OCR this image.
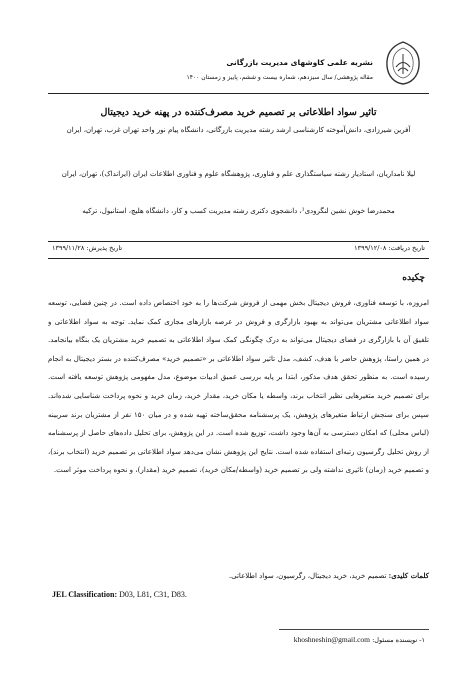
نشریه علمی کاوشهای مدیریت بازرگانی
مقاله پژوهشی/ سال سیزدهم، شماره بیست و ششم، پاییز و زمستان ۱۴۰۰
تاثیر سواد اطلاعاتی بر تصمیم خرید مصرف‌کننده در پهنه خرید دیجیتال
آفرین شیرزادی، دانش‌آموخته کارشناسی ارشد رشته مدیریت بازرگانی، دانشگاه پیام نور واحد تهران غرب، تهران، ایران
لیلا نامداریان، استادیار رشته سیاستگذاری علم و فناوری، پژوهشگاه علوم و فناوری اطلاعات ایران (ایرانداک)، تهران، ایران
محمدرضا خوش نشین لنگرودی¹، دانشجوی دکتری رشته مدیریت کسب و کار، دانشگاه هلیچ، استانبول، ترکیه
تاریخ دریافت: ۱۳۹۹/۱۲/۰۸
تاریخ پذیرش: ۱۳۹۹/۱۱/۲۸
چکیده
امروزه، با توسعه فناوری، فروش دیجیتال بخش مهمی از فروش شرکت‌ها را به خود اختصاص داده است. در چنین فضایی، توسعه سواد اطلاعاتی مشتریان می‌تواند به بهبود بازارگری و فروش در عرصه بازارهای مجازی کمک نماید. توجه به سواد اطلاعاتی و تلفیق آن با بازارگری در فضای دیجیتال می‌تواند به درک چگونگی کمک سواد اطلاعاتی به تصمیم خرید مشتریان یک بنگاه بیانجامد. در همین راستا، پژوهش حاضر با هدف، کشف، مدل تاثیر سواد اطلاعاتی بر «تصمیم خرید» مصرف‌کننده در بستر دیجیتال به انجام رسیده است. به منظور تحقق هدف مذکور، ابتدا بر پایه بررسی عمیق ادبیات موضوع، مدل مفهومی پژوهش توسعه یافته است. برای تصمیم خرید متغیرهایی نظیر انتخاب برند، واسطه یا مکان خرید، مقدار خرید، زمان خرید و نحوه پرداخت شناسایی شده‌اند. سپس برای سنجش ارتباط متغیرهای پژوهش، یک پرسشنامه محقق‌ساخته تهیه شده و در میان ۱۵۰ نفر از مشتریان برند سربینه (لباس محلی) که امکان دسترسی به آن‌ها وجود داشت، توزیع شده است. در این پژوهش، برای تحلیل داده‌های حاصل از پرسشنامه از روش تحلیل رگرسیون رتبه‌ای استفاده شده است. نتایج این پژوهش نشان می‌دهد سواد اطلاعاتی بر تصمیم خرید (انتخاب برند)، و تصمیم خرید (زمان) تاثیری نداشته ولی بر تصمیم خرید (واسطه/مکان خرید)، تصمیم خرید (مقدار)، و نحوه پرداخت موثر است.
کلمات کلیدی: تصمیم خرید، خرید دیجیتال، رگرسیون، سواد اطلاعاتی.
JEL Classification: D03, L81, C31, D83.
۱- نویسنده مسئول: khoshneshin@gmail.com
